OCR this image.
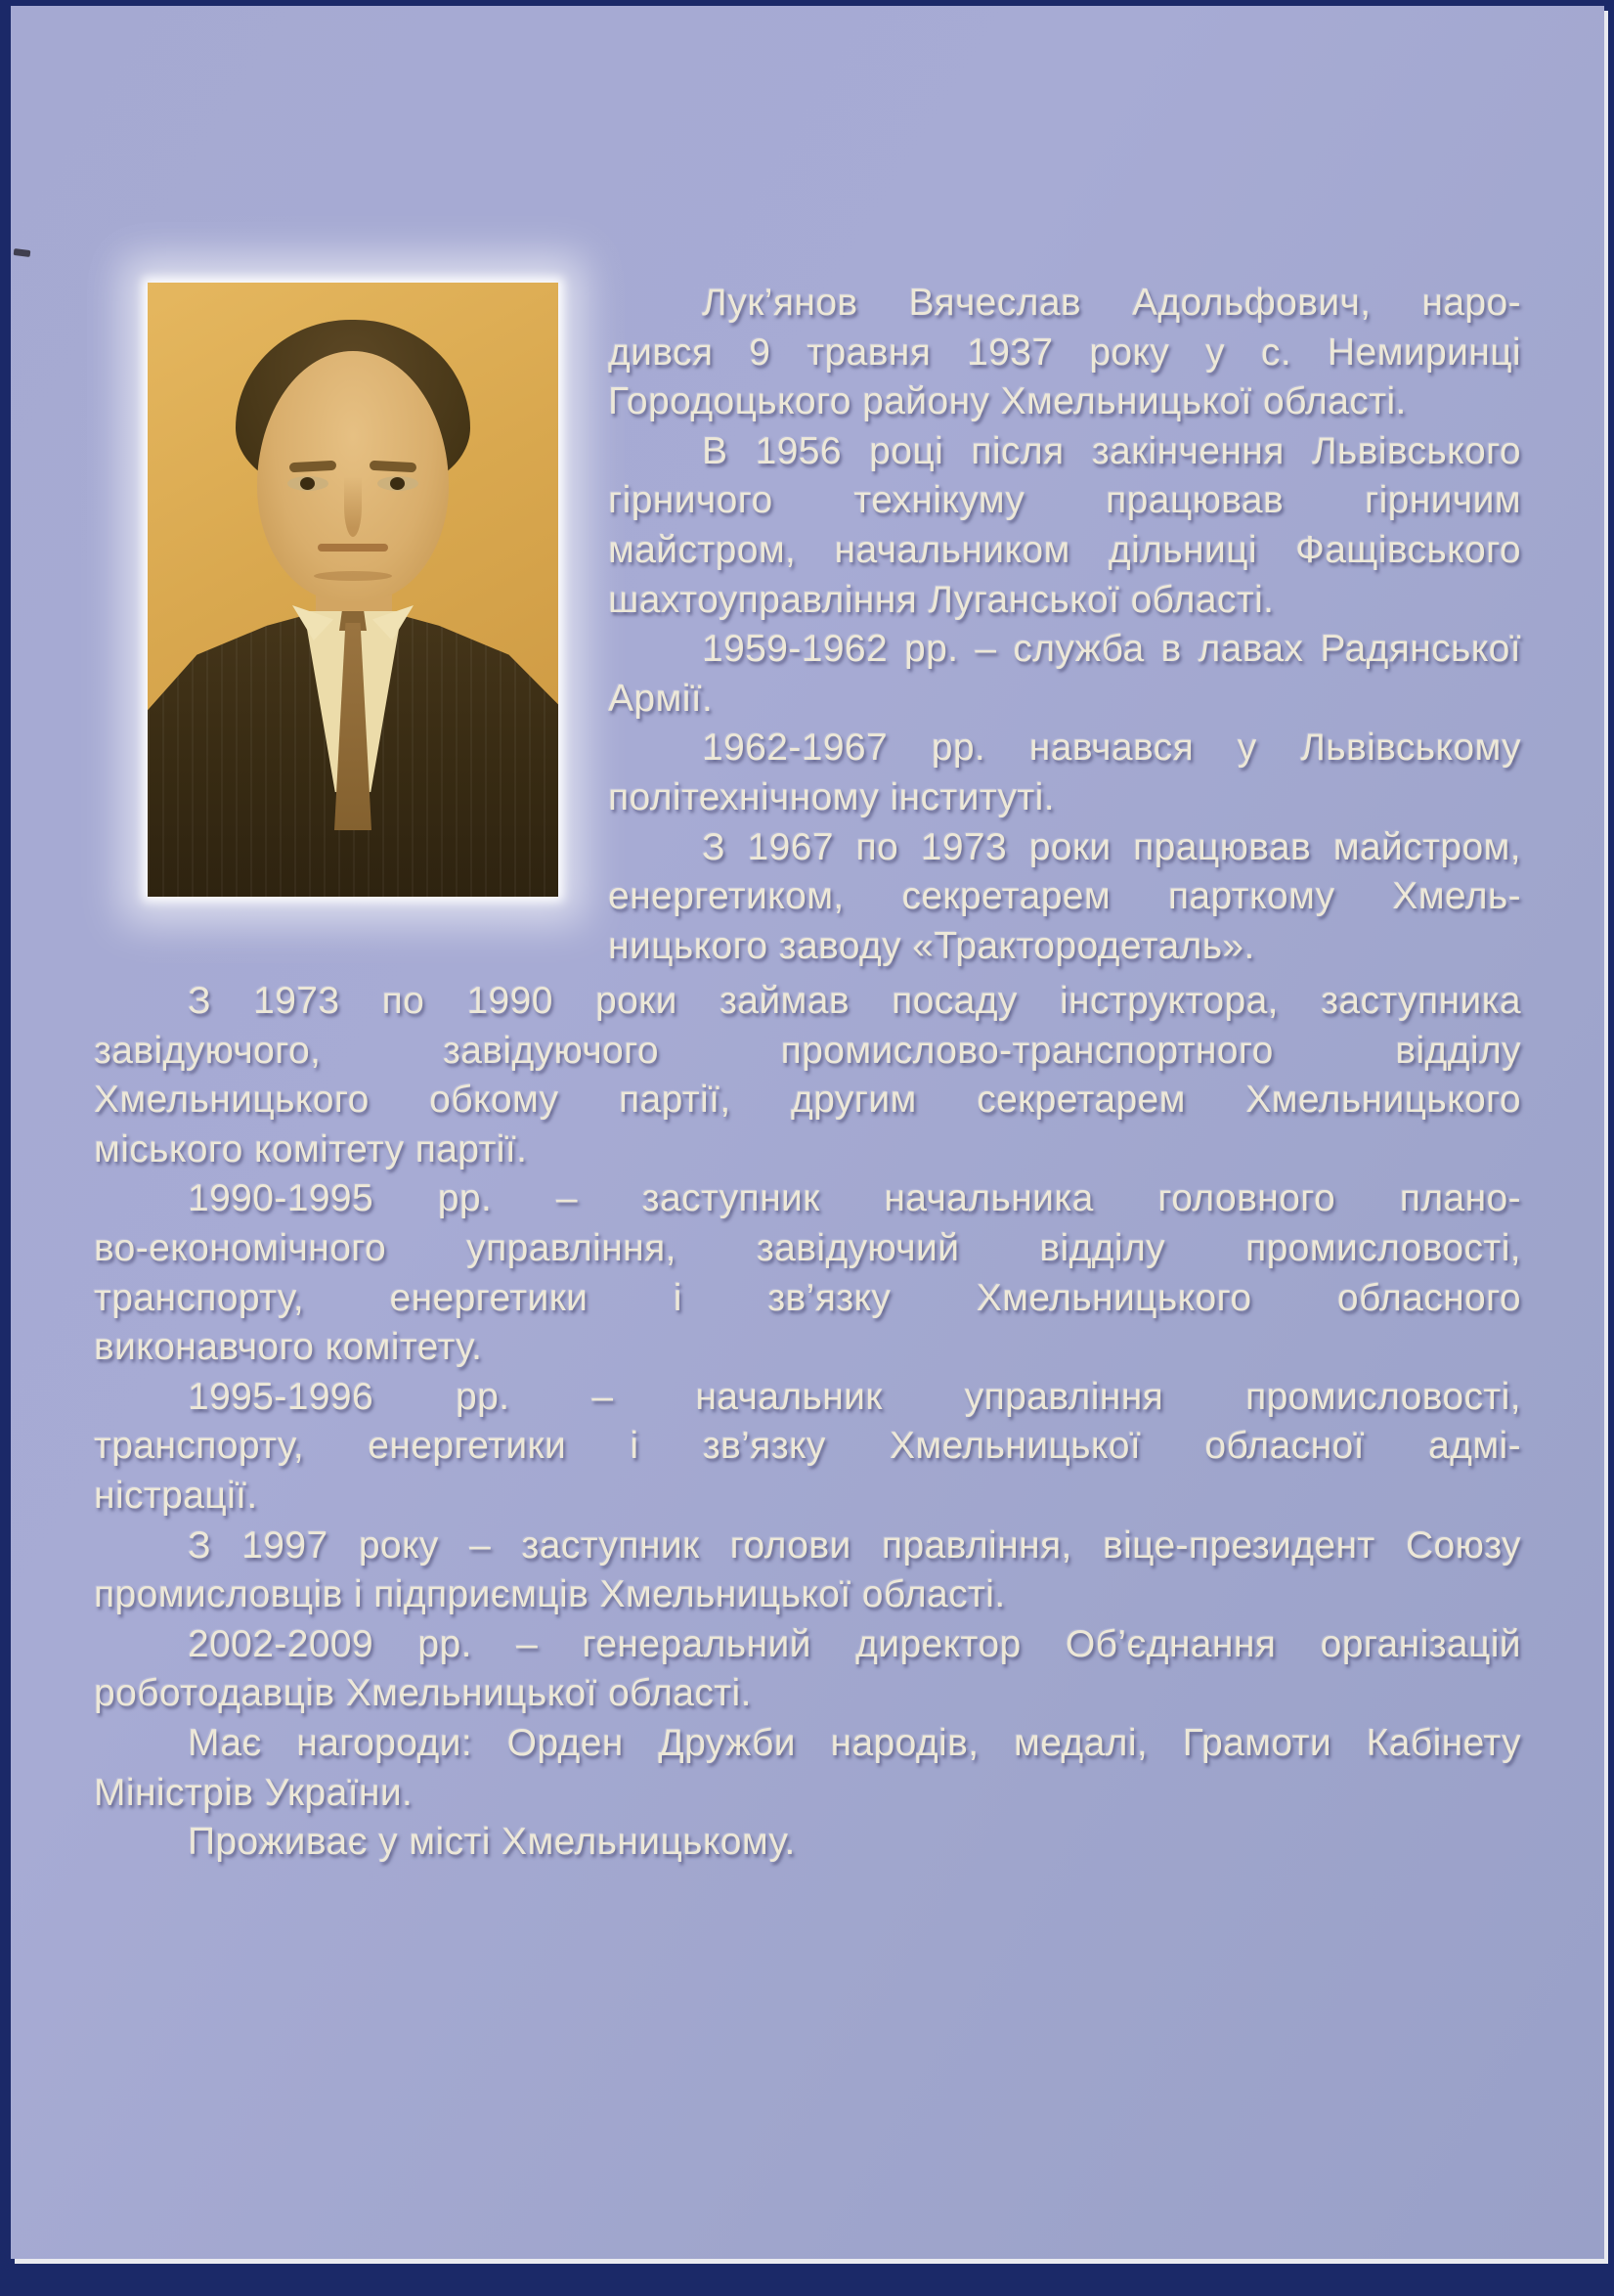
Лук’янов Вячеслав Адольфович, наро-
дився 9 травня 1937 року у с. Немиринці
Городоцького району Хмельницької області.
В 1956 році після закінчення Львівського
гірничого технікуму працював гірничим
майстром, начальником дільниці Фащівського
шахтоуправління Луганської області.
1959-1962 рр. – служба в лавах Радянської
Армії.
1962-1967 рр. навчався у Львівському
політехнічному інституті.
З 1967 по 1973 роки працював майстром,
енергетиком, секретарем парткому Хмель-
ницького заводу «Трактородеталь».
З 1973 по 1990 роки займав посаду інструктора, заступника
завідуючого, завідуючого промислово-транспортного відділу
Хмельницького обкому партії, другим секретарем Хмельницького
міського комітету партії.
1990-1995 рр. – заступник начальника головного плано-
во-економічного управління, завідуючий відділу промисловості,
транспорту, енергетики і зв’язку Хмельницького обласного
виконавчого комітету.
1995-1996 рр. – начальник управління промисловості,
транспорту, енергетики і зв’язку Хмельницької обласної адмі-
ністрації.
З 1997 року – заступник голови правління, віце-президент Союзу
промисловців і підприємців Хмельницької області.
2002-2009 рр. – генеральний директор Об’єднання організацій
роботодавців Хмельницької області.
Має нагороди: Орден Дружби народів, медалі, Грамоти Кабінету
Міністрів України.
Проживає у місті Хмельницькому.
